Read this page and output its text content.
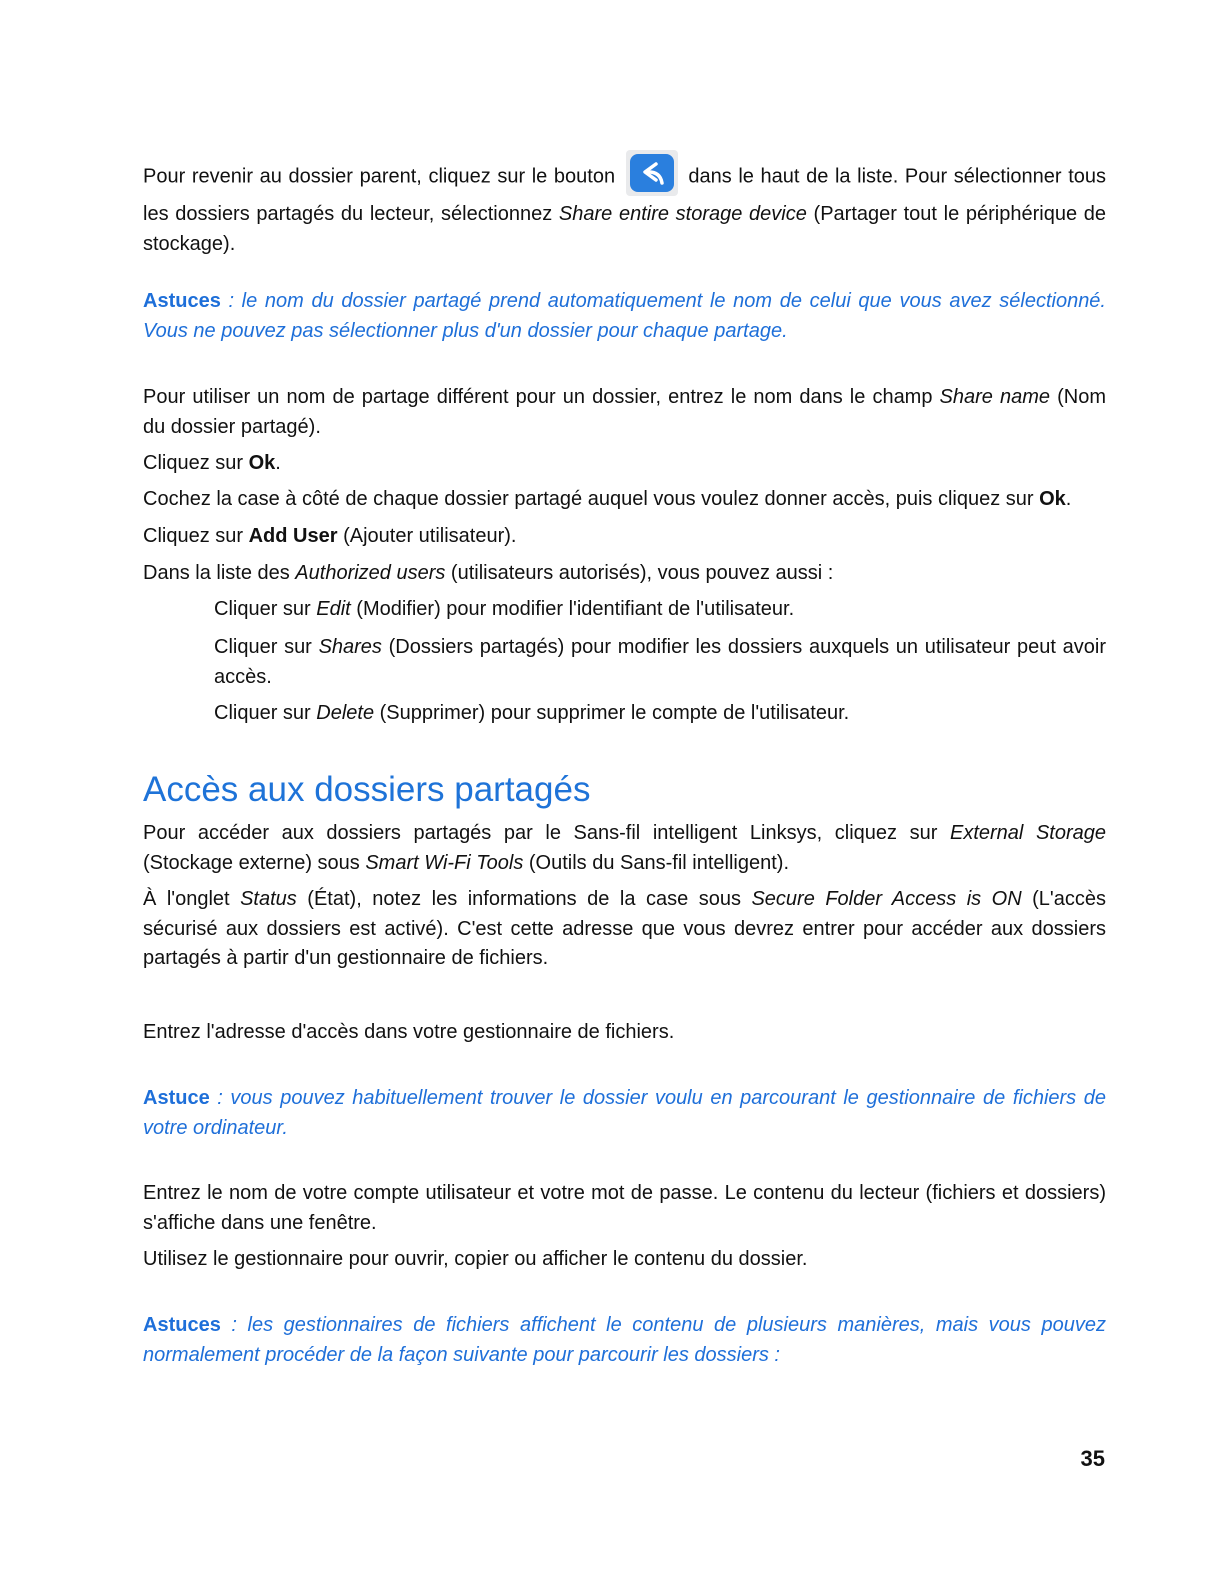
Pour revenir au dossier parent, cliquez sur le bouton	dans le haut de la liste. Pour sélectionner tous les dossiers partagés du lecteur, sélectionnez Share entire storage device (Partager tout le périphérique de stockage).

Astuces : le nom du dossier partagé prend automatiquement le nom de celui que vous avez sélectionné. Vous ne pouvez pas sélectionner plus d'un dossier pour chaque partage.

Pour utiliser un nom de partage différent pour un dossier, entrez le nom dans le champ Share name (Nom du dossier partagé).

Cliquez sur Ok.

Cochez la case à côté de chaque dossier partagé auquel vous voulez donner accès, puis cliquez sur Ok.

Cliquez sur Add User (Ajouter utilisateur).

Dans la liste des Authorized users (utilisateurs autorisés), vous pouvez aussi :

Cliquer sur Edit (Modifier) pour modifier l'identifiant de l'utilisateur.

Cliquer sur Shares (Dossiers partagés) pour modifier les dossiers auxquels un utilisateur peut avoir accès.

Cliquer sur Delete (Supprimer) pour supprimer le compte de l'utilisateur.

Accès aux dossiers partagés

Pour accéder aux dossiers partagés par le Sans-fil intelligent Linksys, cliquez sur External Storage (Stockage externe) sous Smart Wi-Fi Tools (Outils du Sans-fil intelligent).

À l'onglet Status (État), notez les informations de la case sous Secure Folder Access is ON (L'accès sécurisé aux dossiers est activé). C'est cette adresse que vous devrez entrer pour accéder aux dossiers partagés à partir d'un gestionnaire de fichiers.

Entrez l'adresse d'accès dans votre gestionnaire de fichiers.

Astuce : vous pouvez habituellement trouver le dossier voulu en parcourant le gestionnaire de fichiers de votre ordinateur.

Entrez le nom de votre compte utilisateur et votre mot de passe. Le contenu du lecteur (fichiers et dossiers) s'affiche dans une fenêtre.

Utilisez le gestionnaire pour ouvrir, copier ou afficher le contenu du dossier.

Astuces : les gestionnaires de fichiers affichent le contenu de plusieurs manières, mais vous pouvez normalement procéder de la façon suivante pour parcourir les dossiers :

35
